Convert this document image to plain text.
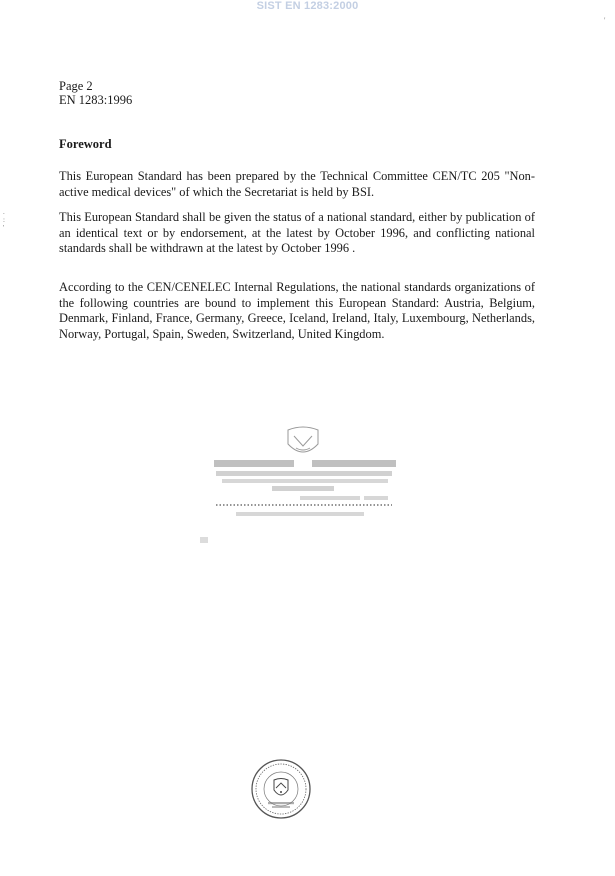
SIST EN 1283:2000
'
.
:
'
Page 2
EN 1283:1996
Foreword

This European Standard has been prepared by the Technical Committee CEN/TC 205 "Non-active medical devices" of which the Secretariat is held by BSI.

This European Standard shall be given the status of a national standard, either by publication of an identical text or by endorsement, at the latest by October 1996, and conflicting national standards shall be withdrawn at the latest by October 1996 .

According to the CEN/CENELEC Internal Regulations, the national standards organizations of the following countries are bound to implement this European Standard: Austria, Belgium, Denmark, Finland, France, Germany, Greece, Iceland, Ireland, Italy, Luxembourg, Netherlands, Norway, Portugal, Spain, Sweden, Switzerland, United Kingdom.
